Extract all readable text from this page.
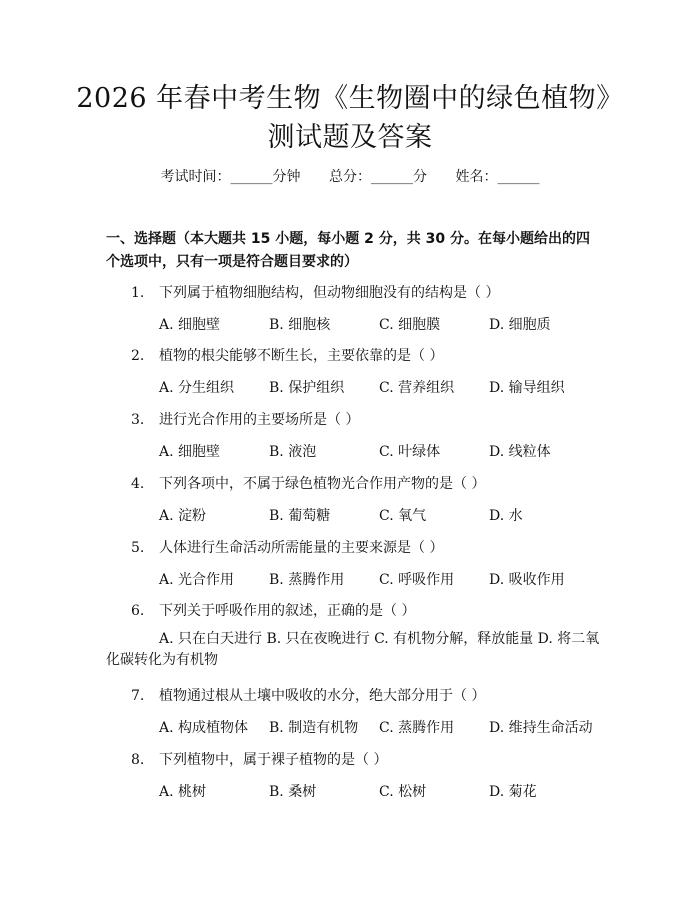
2026 年春中考生物《生物圈中的绿色植物》
测试题及答案
考试时间：______分钟 总分：______分 姓名：______
一、选择题（本大题共 15 小题，每小题 2 分，共 30 分。在每小题给出的四个选项中，只有一项是符合题目要求的）
1. 下列属于植物细胞结构，但动物细胞没有的结构是（ ）
A. 细胞壁	B. 细胞核	C. 细胞膜	D. 细胞质
2. 植物的根尖能够不断生长，主要依靠的是（ ）
A. 分生组织	B. 保护组织	C. 营养组织	D. 输导组织
3. 进行光合作用的主要场所是（ ）
A. 细胞壁	B. 液泡	C. 叶绿体	D. 线粒体
4. 下列各项中，不属于绿色植物光合作用产物的是（ ）
A. 淀粉	B. 葡萄糖	C. 氧气	D. 水
5. 人体进行生命活动所需能量的主要来源是（ ）
A. 光合作用	B. 蒸腾作用	C. 呼吸作用	D. 吸收作用
6. 下列关于呼吸作用的叙述，正确的是（ ）
A. 只在白天进行 B. 只在夜晚进行 C. 有机物分解，释放能量 D. 将二氧化碳转化为有机物
7. 植物通过根从土壤中吸收的水分，绝大部分用于（ ）
A. 构成植物体	B. 制造有机物	C. 蒸腾作用	D. 维持生命活动
8. 下列植物中，属于裸子植物的是（ ）
A. 桃树	B. 桑树	C. 松树	D. 菊花
